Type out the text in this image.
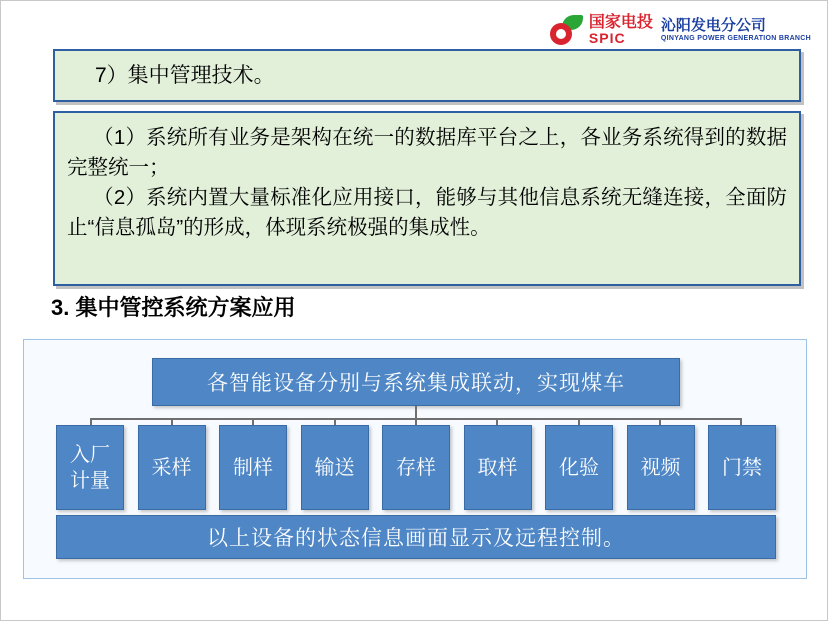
国家电投
SPIC
沁阳发电分公司
QINYANG POWER GENERATION BRANCH
7）集中管理技术。

（1）系统所有业务是架构在统一的数据库平台之上，各业务系统得到的数据完整统一；

（2）系统内置大量标准化应用接口，能够与其他信息系统无缝连接，全面防止“信息孤岛”的形成，体现系统极强的集成性。

3. 集中管控系统方案应用
各智能设备分别与系统集成联动，实现煤车
入厂
计量
采样 制样 输送 存样 取样 化验 视频 门禁
以上设备的状态信息画面显示及远程控制。
